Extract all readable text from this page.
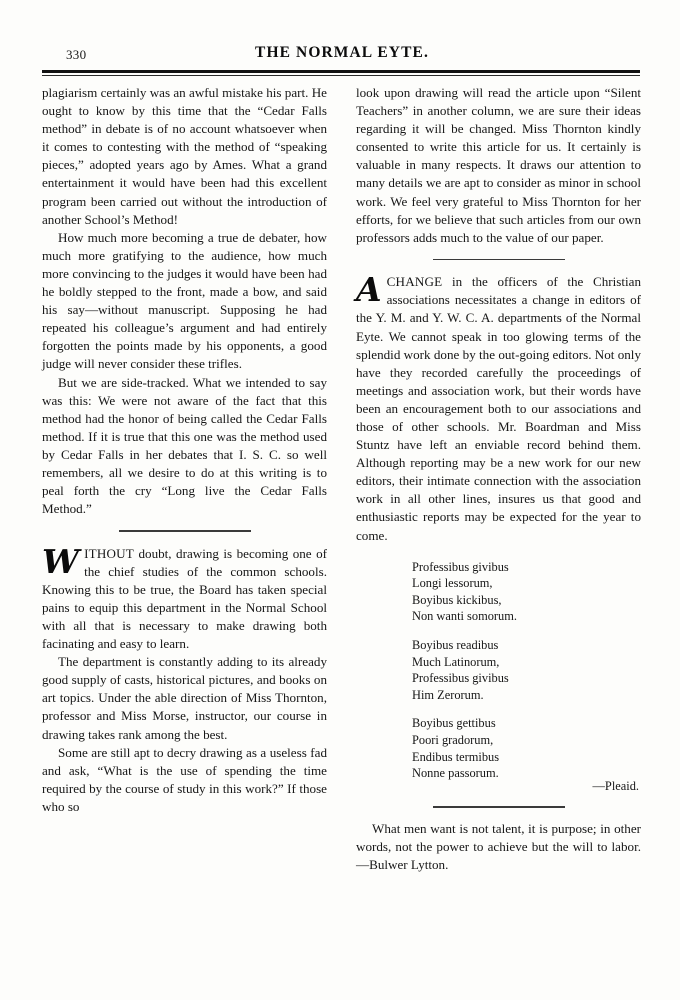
330	THE NORMAL EYTE.

plagiarism certainly was an awful mistake his part. He ought to know by this time that the “Cedar Falls method” in debate is of no account whatsoever when it comes to contesting with the method of “speaking pieces,” adopted years ago by Ames. What a grand entertainment it would have been had this excellent program been carried out without the introduction of another School’s Method!

How much more becoming a true de debater, how much more gratifying to the audience, how much more convincing to the judges it would have been had he boldly stepped to the front, made a bow, and said his say—without manuscript. Supposing he had repeated his colleague’s argument and had entirely forgotten the points made by his opponents, a good judge will never consider these trifles.

But we are side-tracked. What we intended to say was this: We were not aware of the fact that this method had the honor of being called the Cedar Falls method. If it is true that this one was the method used by Cedar Falls in her debates that I. S. C. so well remembers, all we desire to do at this writing is to peal forth the cry “Long live the Cedar Falls Method.”

WITHOUT doubt, drawing is becoming one of the chief studies of the common schools. Knowing this to be true, the Board has taken special pains to equip this department in the Normal School with all that is necessary to make drawing both facinating and easy to learn.

The department is constantly adding to its already good supply of casts, historical pictures, and books on art topics. Under the able direction of Miss Thornton, professor and Miss Morse, instructor, our course in drawing takes rank among the best.

Some are still apt to decry drawing as a useless fad and ask, “What is the use of spending the time required by the course of study in this work?” If those who so

look upon drawing will read the article upon “Silent Teachers” in another column, we are sure their ideas regarding it will be changed. Miss Thornton kindly consented to write this article for us. It certainly is valuable in many respects. It draws our attention to many details we are apt to consider as minor in school work. We feel very grateful to Miss Thornton for her efforts, for we believe that such articles from our own professors adds much to the value of our paper.

ACHANGE in the officers of the Christian associations necessitates a change in editors of the Y. M. and Y. W. C. A. departments of the Normal Eyte. We cannot speak in too glowing terms of the splendid work done by the out-going editors. Not only have they recorded carefully the proceedings of meetings and association work, but their words have been an encouragement both to our associations and those of other schools. Mr. Boardman and Miss Stuntz have left an enviable record behind them. Although reporting may be a new work for our new editors, their intimate connection with the association work in all other lines, insures us that good and enthusiastic reports may be expected for the year to come.

Professibus givibus
Longi lessorum,
Boyibus kickibus,
Non wanti somorum.
Boyibus readibus
Much Latinorum,
Professibus givibus
Him Zerorum.
Boyibus gettibus
Poori gradorum,
Endibus termibus
Nonne passorum.
—Pleaid.

What men want is not talent, it is purpose; in other words, not the power to achieve but the will to labor.—Bulwer Lytton.
